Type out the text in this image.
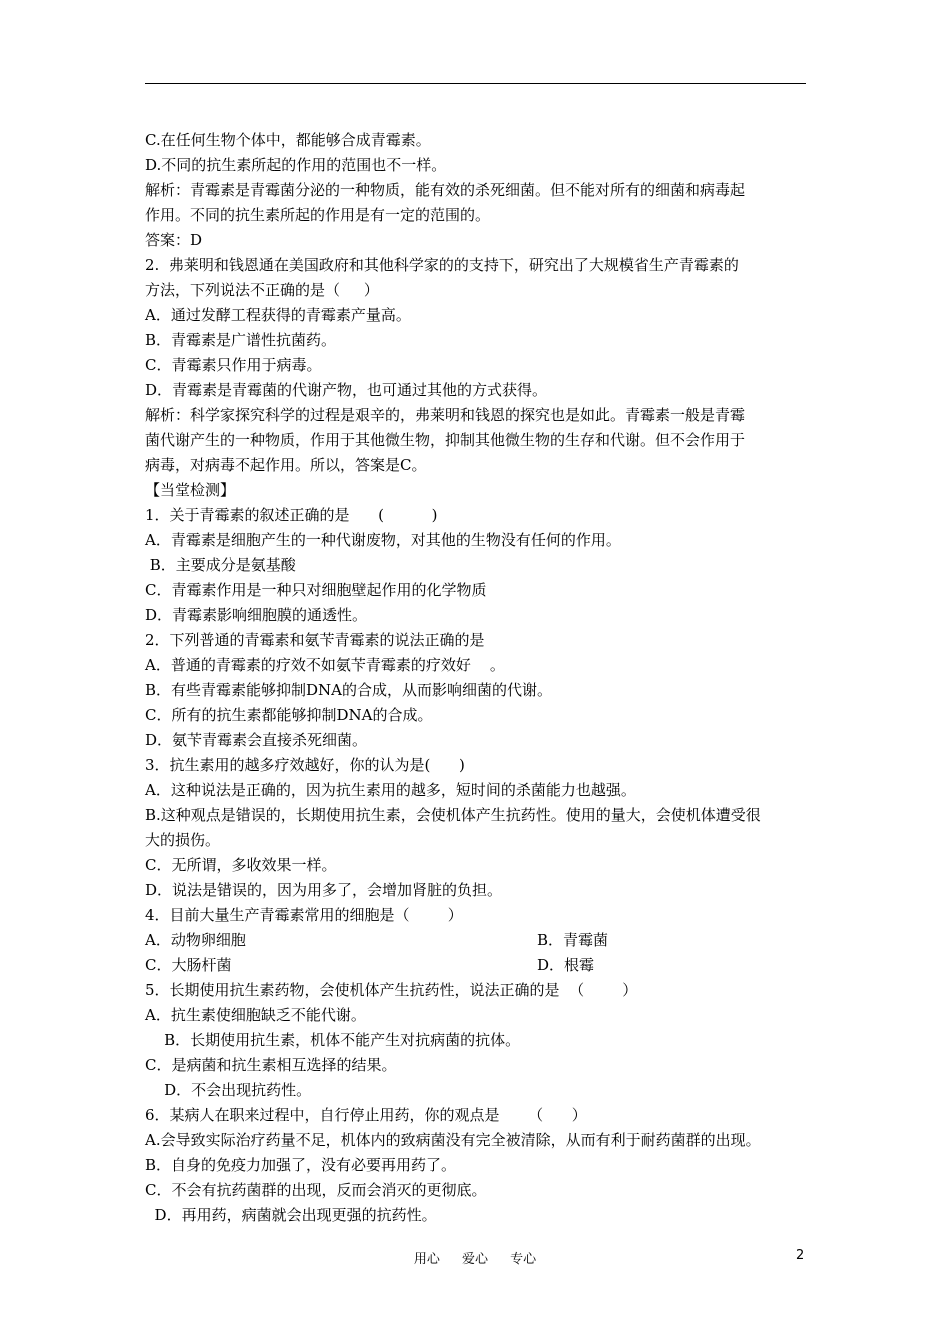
C.在任何生物个体中，都能够合成青霉素。
D.不同的抗生素所起的作用的范围也不一样。
解析：青霉素是青霉菌分泌的一种物质，能有效的杀死细菌。但不能对所有的细菌和病毒起
作用。不同的抗生素所起的作用是有一定的范围的。
答案：D
2.  弗莱明和钱恩通在美国政府和其他科学家的的支持下，研究出了大规模省生产青霉素的
方法，下列说法不正确的是（     ）
A．通过发酵工程获得的青霉素产量高。
B．青霉素是广谱性抗菌药。
C．青霉素只作用于病毒。
D．青霉素是青霉菌的代谢产物，也可通过其他的方式获得。
解析：科学家探究科学的过程是艰辛的，弗莱明和钱恩的探究也是如此。青霉素一般是青霉
菌代谢产生的一种物质，作用于其他微生物，抑制其他微生物的生存和代谢。但不会作用于
病毒，对病毒不起作用。所以，答案是C。
【当堂检测】
1．关于青霉素的叙述正确的是      (          )
A．青霉素是细胞产生的一种代谢废物，对其他的生物没有任何的作用。
B．主要成分是氨基酸
C．青霉素作用是一种只对细胞壁起作用的化学物质
D．青霉素影响细胞膜的通透性。
2．下列普通的青霉素和氨苄青霉素的说法正确的是
A．普通的青霉素的疗效不如氨苄青霉素的疗效好    。
B．有些青霉素能够抑制DNA的合成，从而影响细菌的代谢。
C．所有的抗生素都能够抑制DNA的合成。
D．氨苄青霉素会直接杀死细菌。
3．抗生素用的越多疗效越好，你的认为是(      )
A．这种说法是正确的，因为抗生素用的越多，短时间的杀菌能力也越强。
B.这种观点是错误的，长期使用抗生素，会使机体产生抗药性。使用的量大，会使机体遭受很
大的损伤。
C．无所谓，多收效果一样。
D．说法是错误的，因为用多了，会增加肾脏的负担。
4．目前大量生产青霉素常用的细胞是（        ）
A．动物卵细胞	B．青霉菌
C．大肠杆菌	D．根霉
5．长期使用抗生素药物，会使机体产生抗药性，说法正确的是  （        ）
A．抗生素使细胞缺乏不能代谢。
B．长期使用抗生素，机体不能产生对抗病菌的抗体。
C．是病菌和抗生素相互选择的结果。
D．不会出现抗药性。
6．某病人在职来过程中，自行停止用药，你的观点是      （      ）
A.会导致实际治疗药量不足，机体内的致病菌没有完全被清除，从而有利于耐药菌群的出现。
B．自身的免疫力加强了，没有必要再用药了。
C．不会有抗药菌群的出现，反而会消灭的更彻底。
D．再用药，病菌就会出现更强的抗药性。
用心 爱心 专心	2
